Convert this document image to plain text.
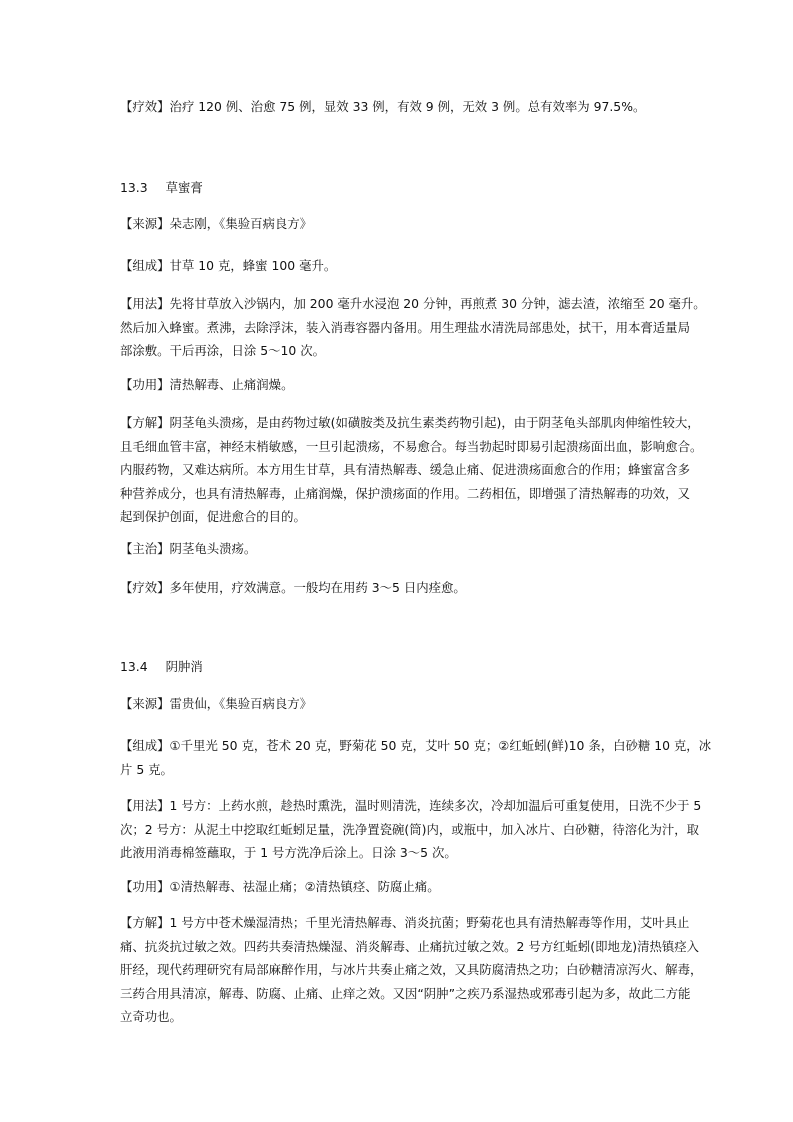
【疗效】治疗 120 例、治愈 75 例，显效 33 例，有效 9 例，无效 3 例。总有效率为 97.5%。

13.3 草蜜膏

【来源】朵志刚，《集验百病良方》

【组成】甘草 10 克，蜂蜜 100 毫升。

【用法】先将甘草放入沙锅内，加 200 毫升水浸泡 20 分钟，再煎煮 30 分钟，滤去渣，浓缩至 20 毫升。
然后加入蜂蜜。煮沸，去除浮沫，装入消毒容器内备用。用生理盐水清洗局部患处，拭干，用本膏适量局
部涂敷。干后再涂，日涂 5～10 次。

【功用】清热解毒、止痛润燥。

【方解】阴茎龟头溃疡，是由药物过敏(如磺胺类及抗生素类药物引起)，由于阴茎龟头部肌肉伸缩性较大，
且毛细血管丰富，神经末梢敏感，一旦引起溃疡，不易愈合。每当勃起时即易引起溃疡面出血，影响愈合。
内服药物，又难达病所。本方用生甘草，具有清热解毒、缓急止痛、促进溃疡面愈合的作用；蜂蜜富含多
种营养成分，也具有清热解毒，止痛润燥，保护溃疡面的作用。二药相伍，即增强了清热解毒的功效，又
起到保护创面，促进愈合的目的。

【主治】阴茎龟头溃疡。

【疗效】多年使用，疗效满意。一般均在用药 3～5 日内痊愈。

13.4 阴肿消

【来源】雷贵仙，《集验百病良方》

【组成】①千里光 50 克，苍术 20 克，野菊花 50 克，艾叶 50 克；②红蚯蚓(鲜)10 条，白砂糖 10 克，冰
片 5 克。

【用法】1 号方：上药水煎，趁热时熏洗，温时则清洗，连续多次，冷却加温后可重复使用，日洗不少于 5
次；2 号方：从泥土中挖取红蚯蚓足量，洗净置瓷碗(筒)内，或瓶中，加入冰片、白砂糖，待溶化为汁，取
此液用消毒棉签蘸取，于 1 号方洗净后涂上。日涂 3～5 次。

【功用】①清热解毒、祛湿止痛；②清热镇痉、防腐止痛。

【方解】1 号方中苍术燥湿清热；千里光清热解毒、消炎抗菌；野菊花也具有清热解毒等作用，艾叶具止
痛、抗炎抗过敏之效。四药共奏清热燥湿、消炎解毒、止痛抗过敏之效。2 号方红蚯蚓(即地龙)清热镇痉入
肝经，现代药理研究有局部麻醉作用，与冰片共奏止痛之效，又具防腐清热之功；白砂糖清凉泻火、解毒，
三药合用具清凉，解毒、防腐、止痛、止痒之效。又因“阴肿”之疾乃系湿热或邪毒引起为多，故此二方能
立奇功也。
